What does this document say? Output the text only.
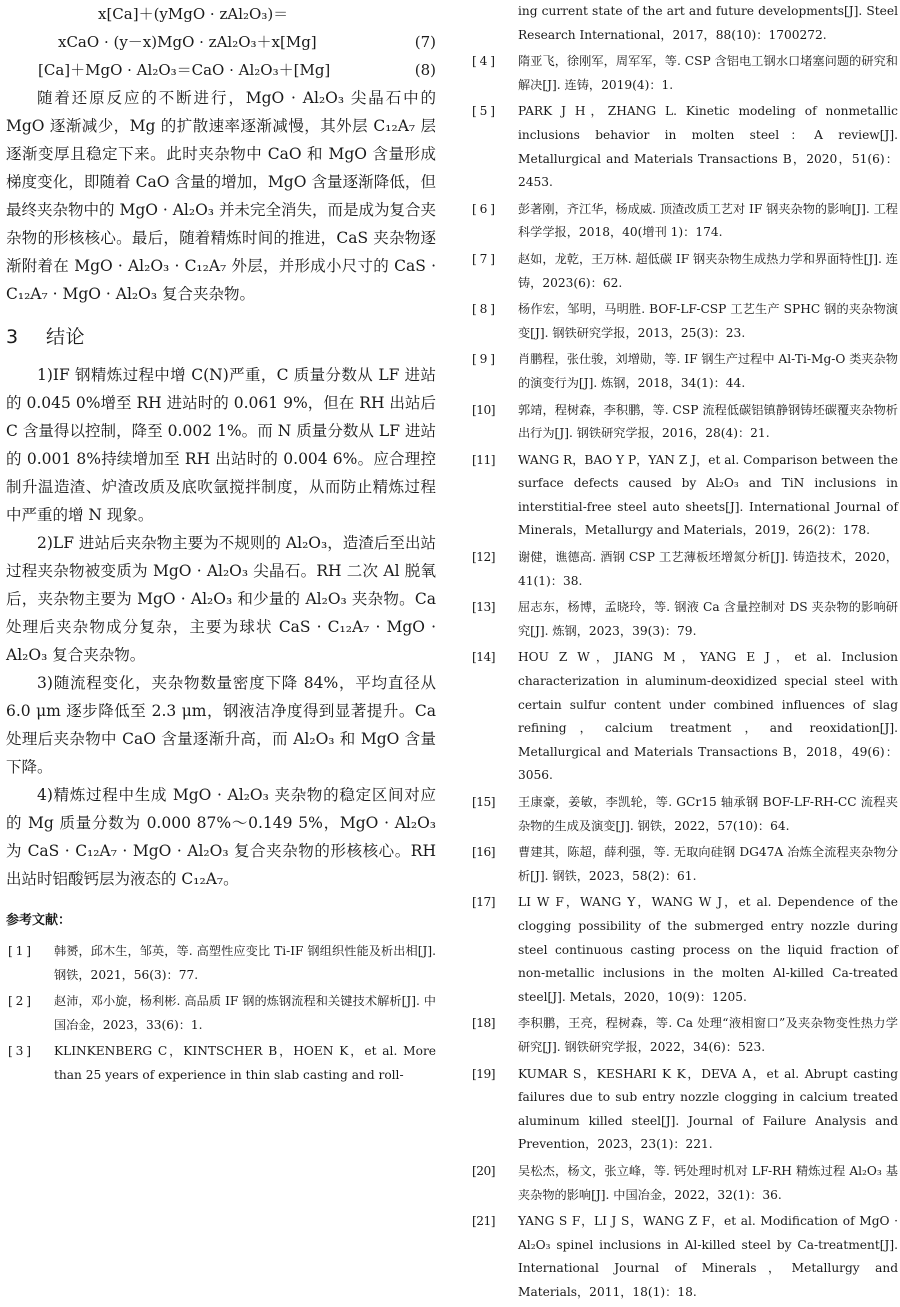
x[Ca]＋(yMgO · zAl₂O₃)＝
xCaO · (y－x)MgO · zAl₂O₃＋x[Mg]	(7)
[Ca]＋MgO · Al₂O₃＝CaO · Al₂O₃＋[Mg]	(8)

随着还原反应的不断进行，MgO · Al₂O₃ 尖晶石中的 MgO 逐渐减少，Mg 的扩散速率逐渐减慢，其外层 C₁₂A₇ 层逐渐变厚且稳定下来。此时夹杂物中 CaO 和 MgO 含量形成梯度变化，即随着 CaO 含量的增加，MgO 含量逐渐降低，但最终夹杂物中的 MgO · Al₂O₃ 并未完全消失，而是成为复合夹杂物的形核核心。最后，随着精炼时间的推进，CaS 夹杂物逐渐附着在 MgO · Al₂O₃ · C₁₂A₇ 外层，并形成小尺寸的 CaS · C₁₂A₇ · MgO · Al₂O₃ 复合夹杂物。

3 结论

1)IF 钢精炼过程中增 C(N)严重，C 质量分数从 LF 进站的 0.045 0%增至 RH 进站时的 0.061 9%，但在 RH 出站后 C 含量得以控制，降至 0.002 1%。而 N 质量分数从 LF 进站的 0.001 8%持续增加至 RH 出站时的 0.004 6%。应合理控制升温造渣、炉渣改质及底吹氩搅拌制度，从而防止精炼过程中严重的增 N 现象。

2)LF 进站后夹杂物主要为不规则的 Al₂O₃，造渣后至出站过程夹杂物被变质为 MgO · Al₂O₃ 尖晶石。RH 二次 Al 脱氧后，夹杂物主要为 MgO · Al₂O₃ 和少量的 Al₂O₃ 夹杂物。Ca 处理后夹杂物成分复杂，主要为球状 CaS · C₁₂A₇ · MgO · Al₂O₃ 复合夹杂物。

3)随流程变化，夹杂物数量密度下降 84%，平均直径从 6.0 μm 逐步降低至 2.3 μm，钢液洁净度得到显著提升。Ca 处理后夹杂物中 CaO 含量逐渐升高，而 Al₂O₃ 和 MgO 含量下降。

4)精炼过程中生成 MgO · Al₂O₃ 夹杂物的稳定区间对应的 Mg 质量分数为 0.000 87%～0.149 5%，MgO · Al₂O₃ 为 CaS · C₁₂A₇ · MgO · Al₂O₃ 复合夹杂物的形核核心。RH 出站时铝酸钙层为液态的 C₁₂A₇。

参考文献：
[ 1 ] 韩赟，邱木生，邹英，等. 高塑性应变比 Ti-IF 钢组织性能及析出相[J]. 钢铁，2021，56(3)：77.
[ 2 ] 赵沛，邓小旋，杨利彬. 高品质 IF 钢的炼钢流程和关键技术解析[J]. 中国冶金，2023，33(6)：1.
[ 3 ] KLINKENBERG C，KINTSCHER B，HOEN K，et al. More than 25 years of experience in thin slab casting and roll-
ing current state of the art and future developments[J]. Steel Research International，2017，88(10)：1700272.
[ 4 ] 隋亚飞，徐刚军，周军军，等. CSP 含铝电工钢水口堵塞问题的研究和解决[J]. 连铸，2019(4)：1.
[ 5 ] PARK J H，ZHANG L. Kinetic modeling of nonmetallic inclusions behavior in molten steel：A review[J]. Metallurgical and Materials Transactions B，2020，51(6)：2453.
[ 6 ] 彭著刚，齐江华，杨成威. 顶渣改质工艺对 IF 钢夹杂物的影响[J]. 工程科学学报，2018，40(增刊 1)：174.
[ 7 ] 赵如，龙乾，王万林. 超低碳 IF 钢夹杂物生成热力学和界面特性[J]. 连铸，2023(6)：62.
[ 8 ] 杨作宏，邹明，马明胜. BOF-LF-CSP 工艺生产 SPHC 钢的夹杂物演变[J]. 钢铁研究学报，2013，25(3)：23.
[ 9 ] 肖鹏程，张仕骏，刘增勋，等. IF 钢生产过程中 Al-Ti-Mg-O 类夹杂物的演变行为[J]. 炼钢，2018，34(1)：44.
[10] 郭靖，程树森，李积鹏，等. CSP 流程低碳铝镇静钢铸坯碳覆夹杂物析出行为[J]. 钢铁研究学报，2016，28(4)：21.
[11] WANG R，BAO Y P，YAN Z J，et al. Comparison between the surface defects caused by Al₂O₃ and TiN inclusions in interstitial-free steel auto sheets[J]. International Journal of Minerals，Metallurgy and Materials，2019，26(2)：178.
[12] 谢健，谯德高. 酒钢 CSP 工艺薄板坯增氮分析[J]. 铸造技术，2020，41(1)：38.
[13] 屈志东，杨博，孟晓玲，等. 钢液 Ca 含量控制对 DS 夹杂物的影响研究[J]. 炼钢，2023，39(3)：79.
[14] HOU Z W，JIANG M，YANG E J，et al. Inclusion characterization in aluminum-deoxidized special steel with certain sulfur content under combined influences of slag refining，calcium treatment，and reoxidation[J]. Metallurgical and Materials Transactions B，2018，49(6)：3056.
[15] 王康豪，姜敏，李凯轮，等. GCr15 轴承钢 BOF-LF-RH-CC 流程夹杂物的生成及演变[J]. 钢铁，2022，57(10)：64.
[16] 曹建其，陈超，薛利强，等. 无取向硅钢 DG47A 冶炼全流程夹杂物分析[J]. 钢铁，2023，58(2)：61.
[17] LI W F，WANG Y，WANG W J，et al. Dependence of the clogging possibility of the submerged entry nozzle during steel continuous casting process on the liquid fraction of non-metallic inclusions in the molten Al-killed Ca-treated steel[J]. Metals，2020，10(9)：1205.
[18] 李积鹏，王亮，程树森，等. Ca 处理“液相窗口”及夹杂物变性热力学研究[J]. 钢铁研究学报，2022，34(6)：523.
[19] KUMAR S，KESHARI K K，DEVA A，et al. Abrupt casting failures due to sub entry nozzle clogging in calcium treated aluminum killed steel[J]. Journal of Failure Analysis and Prevention，2023，23(1)：221.
[20] 吴松杰，杨文，张立峰，等. 钙处理时机对 LF-RH 精炼过程 Al₂O₃ 基夹杂物的影响[J]. 中国冶金，2022，32(1)：36.
[21] YANG S F，LI J S，WANG Z F，et al. Modification of MgO · Al₂O₃ spinel inclusions in Al-killed steel by Ca-treatment[J]. International Journal of Minerals，Metallurgy and Materials，2011，18(1)：18.
